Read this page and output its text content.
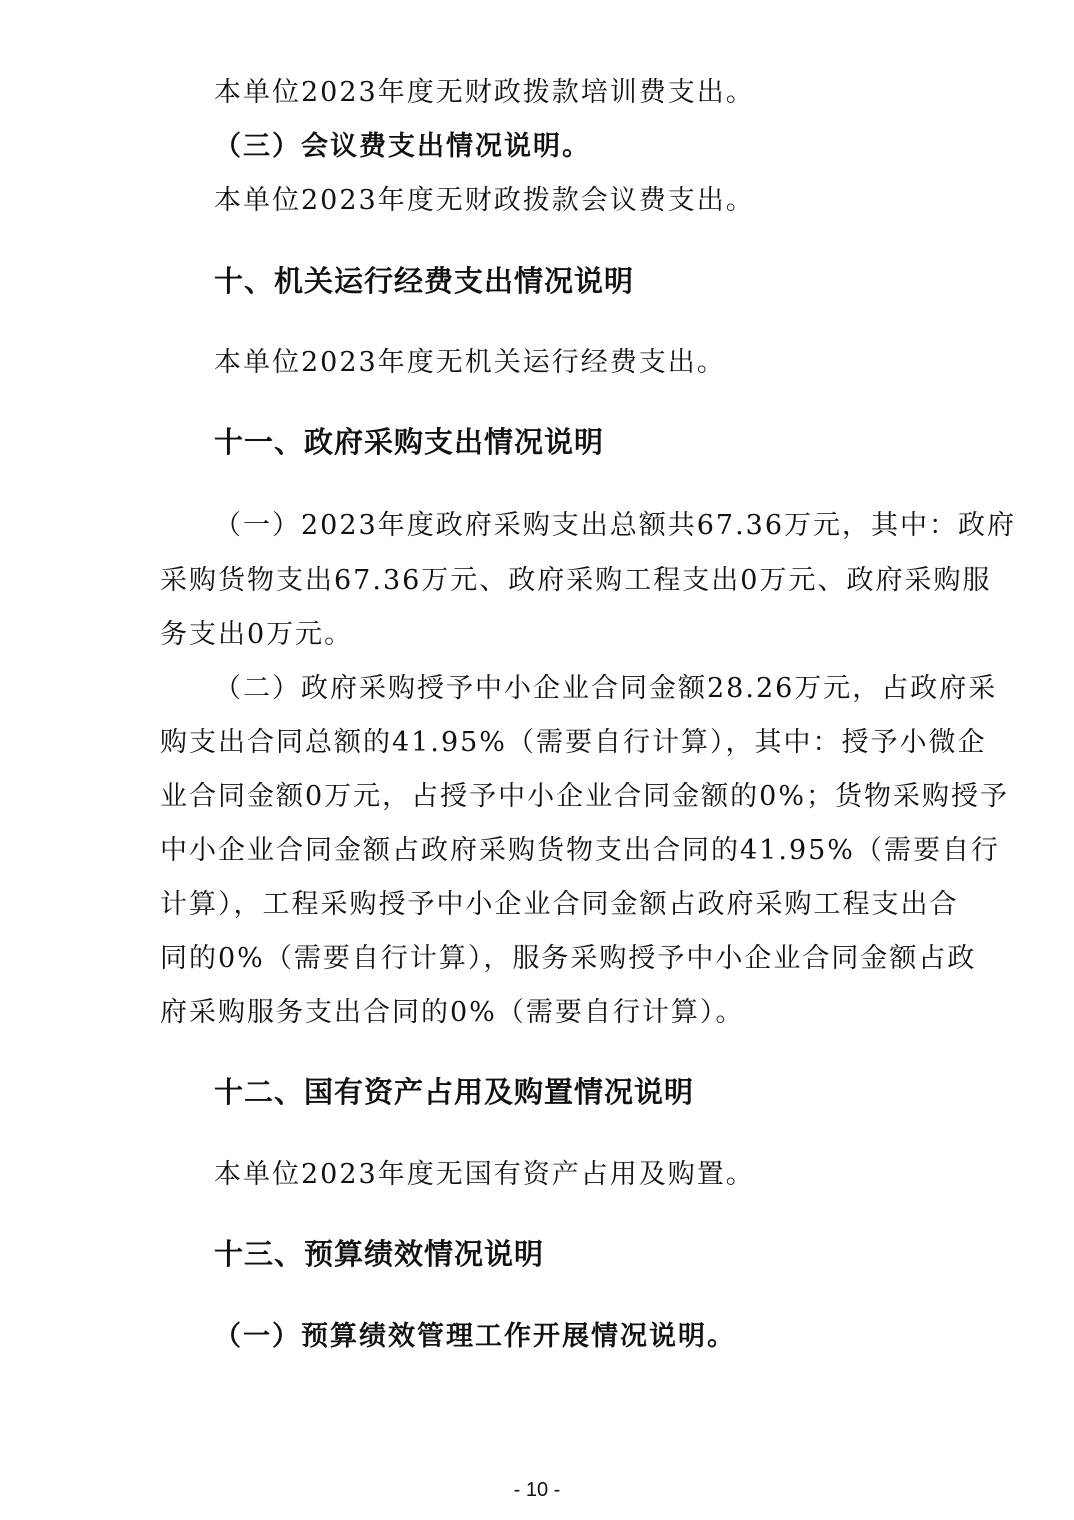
本单位2023年度无财政拨款培训费支出。
（三）会议费支出情况说明。
本单位2023年度无财政拨款会议费支出。
十、机关运行经费支出情况说明
本单位2023年度无机关运行经费支出。
十一、政府采购支出情况说明
（一）2023年度政府采购支出总额共67.36万元，其中：政府
采购货物支出67.36万元、政府采购工程支出0万元、政府采购服
务支出0万元。
（二）政府采购授予中小企业合同金额28.26万元，占政府采
购支出合同总额的41.95%（需要自行计算），其中：授予小微企
业合同金额0万元，占授予中小企业合同金额的0%；货物采购授予
中小企业合同金额占政府采购货物支出合同的41.95%（需要自行
计算），工程采购授予中小企业合同金额占政府采购工程支出合
同的0%（需要自行计算），服务采购授予中小企业合同金额占政
府采购服务支出合同的0%（需要自行计算）。
十二、国有资产占用及购置情况说明
本单位2023年度无国有资产占用及购置。
十三、预算绩效情况说明
（一）预算绩效管理工作开展情况说明。
- 10 -
